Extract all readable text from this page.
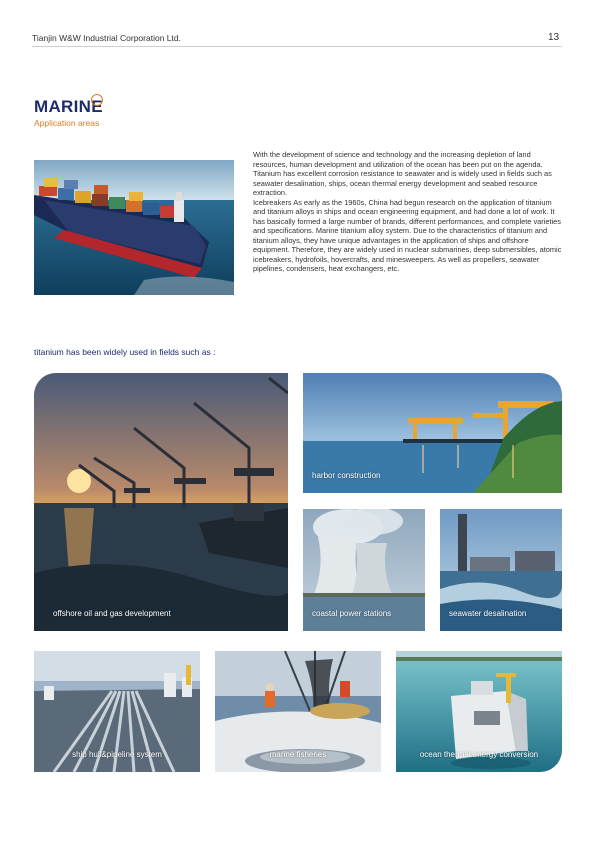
Tianjin W&W Industrial Corporation Ltd.	13
MARINE
Application areas

With the development of science and technology and the increasing depletion of land resources, human development and utilization of the ocean has been put on the agenda. Titanium has excellent corrosion resistance to seawater and is widely used in fields such as seawater desalination, ships, ocean thermal energy development and seabed resource extraction.

Icebreakers As early as the 1960s, China had begun research on the application of titanium and titanium alloys in ships and ocean engineering equipment, and had done a lot of work. It has basically formed a large number of brands, different performances, and complete varieties and specifications. Marine titanium alloy system. Due to the characteristics of titanium and titanium alloys, they have unique advantages in the application of ships and offshore equipment. Therefore, they are widely used in nuclear submarines, deep submersibles, atomic icebreakers, hydrofoils, hovercrafts, and minesweepers. As well as propellers, seawater pipelines, condensers, heat exchangers, etc.

titanium has been widely used in fields such as :
offshore oil and gas development
harbor construction
coastal power stations	seawater desalination
ship hull&pipeline system	marine fisheries	ocean thermal energy conversion
